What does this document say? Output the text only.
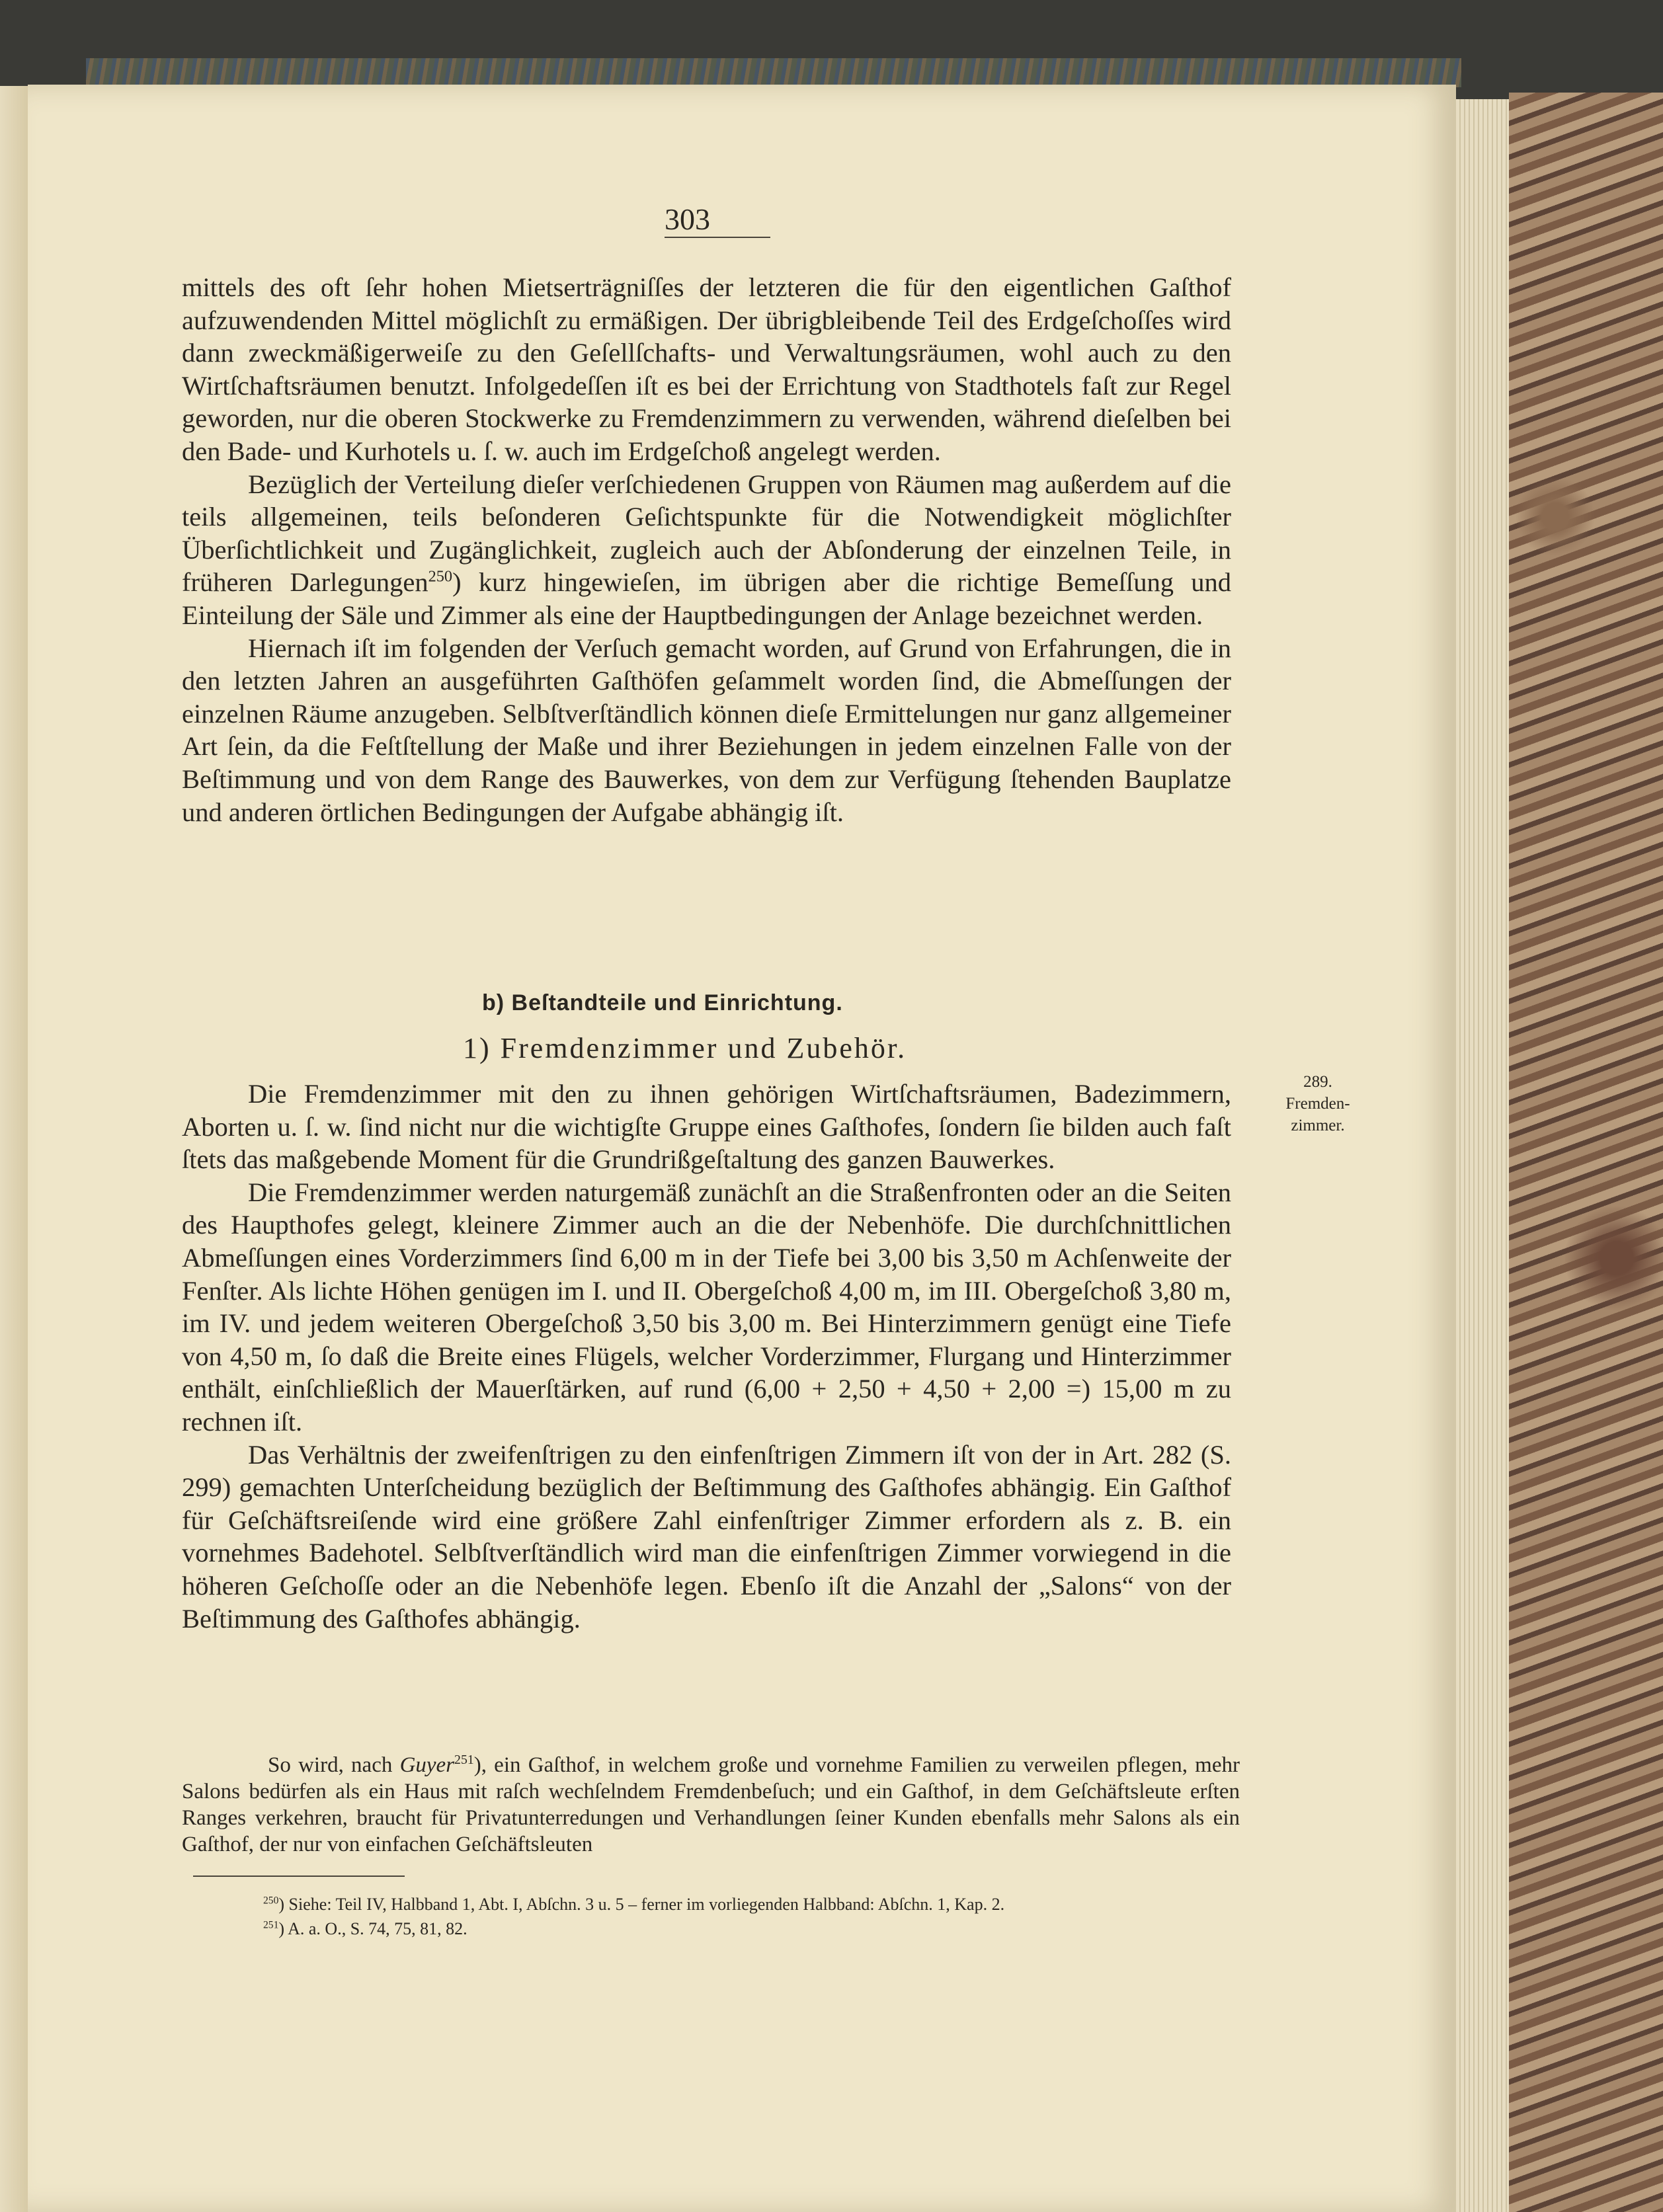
303

mittels des oft ſehr hohen Mietserträgniſſes der letzteren die für den eigentlichen Gaſthof aufzuwendenden Mittel möglichſt zu ermäßigen. Der übrigbleibende Teil des Erdgeſchoſſes wird dann zweckmäßigerweiſe zu den Geſellſchafts- und Verwaltungsräumen, wohl auch zu den Wirtſchaftsräumen benutzt. Infolgedeſſen iſt es bei der Errichtung von Stadthotels faſt zur Regel geworden, nur die oberen Stockwerke zu Fremdenzimmern zu verwenden, während dieſelben bei den Bade- und Kurhotels u. ſ. w. auch im Erdgeſchoß angelegt werden.

Bezüglich der Verteilung dieſer verſchiedenen Gruppen von Räumen mag außerdem auf die teils allgemeinen, teils beſonderen Geſichtspunkte für die Notwendigkeit möglichſter Überſichtlichkeit und Zugänglichkeit, zugleich auch der Abſonderung der einzelnen Teile, in früheren Darlegungen$^{250}$) kurz hingewieſen, im übrigen aber die richtige Bemeſſung und Einteilung der Säle und Zimmer als eine der Hauptbedingungen der Anlage bezeichnet werden.

Hiernach iſt im folgenden der Verſuch gemacht worden, auf Grund von Erfahrungen, die in den letzten Jahren an ausgeführten Gaſthöfen geſammelt worden ſind, die Abmeſſungen der einzelnen Räume anzugeben. Selbſtverſtändlich können dieſe Ermittelungen nur ganz allgemeiner Art ſein, da die Feſtſtellung der Maße und ihrer Beziehungen in jedem einzelnen Falle von der Beſtimmung und von dem Range des Bauwerkes, von dem zur Verfügung ſtehenden Bauplatze und anderen örtlichen Bedingungen der Aufgabe abhängig iſt.

b) Beſtandteile und Einrichtung.
1) Fremdenzimmer und Zubehör.
289.
Fremden-
zimmer.

Die Fremdenzimmer mit den zu ihnen gehörigen Wirtſchaftsräumen, Badezimmern, Aborten u. ſ. w. ſind nicht nur die wichtigſte Gruppe eines Gaſthofes, ſondern ſie bilden auch faſt ſtets das maßgebende Moment für die Grundrißgeſtaltung des ganzen Bauwerkes.

Die Fremdenzimmer werden naturgemäß zunächſt an die Straßenfronten oder an die Seiten des Haupthofes gelegt, kleinere Zimmer auch an die der Nebenhöfe. Die durchſchnittlichen Abmeſſungen eines Vorderzimmers ſind 6,00 m in der Tiefe bei 3,00 bis 3,50 m Achſenweite der Fenſter. Als lichte Höhen genügen im I. und II. Obergeſchoß 4,00 m, im III. Obergeſchoß 3,80 m, im IV. und jedem weiteren Obergeſchoß 3,50 bis 3,00 m. Bei Hinterzimmern genügt eine Tiefe von 4,50 m, ſo daß die Breite eines Flügels, welcher Vorderzimmer, Flurgang und Hinterzimmer enthält, einſchließlich der Mauerſtärken, auf rund (6,00 + 2,50 + 4,50 + 2,00 =) 15,00 m zu rechnen iſt.

Das Verhältnis der zweifenſtrigen zu den einfenſtrigen Zimmern iſt von der in Art. 282 (S. 299) gemachten Unterſcheidung bezüglich der Beſtimmung des Gaſthofes abhängig. Ein Gaſthof für Geſchäftsreiſende wird eine größere Zahl einfenſtriger Zimmer erfordern als z. B. ein vornehmes Badehotel. Selbſtverſtändlich wird man die einfenſtrigen Zimmer vorwiegend in die höheren Geſchoſſe oder an die Nebenhöfe legen. Ebenſo iſt die Anzahl der „Salons“ von der Beſtimmung des Gaſthofes abhängig.

So wird, nach Guyer$^{251}$), ein Gaſthof, in welchem große und vornehme Familien zu verweilen pflegen, mehr Salons bedürfen als ein Haus mit raſch wechſelndem Fremdenbeſuch; und ein Gaſthof, in dem Geſchäftsleute erſten Ranges verkehren, braucht für Privatunterredungen und Verhandlungen ſeiner Kunden ebenfalls mehr Salons als ein Gaſthof, der nur von einfachen Geſchäftsleuten

$^{250}$) Siehe: Teil IV, Halbband 1, Abt. I, Abſchn. 3 u. 5 – ferner im vorliegenden Halbband: Abſchn. 1, Kap. 2.
$^{251}$) A. a. O., S. 74, 75, 81, 82.
